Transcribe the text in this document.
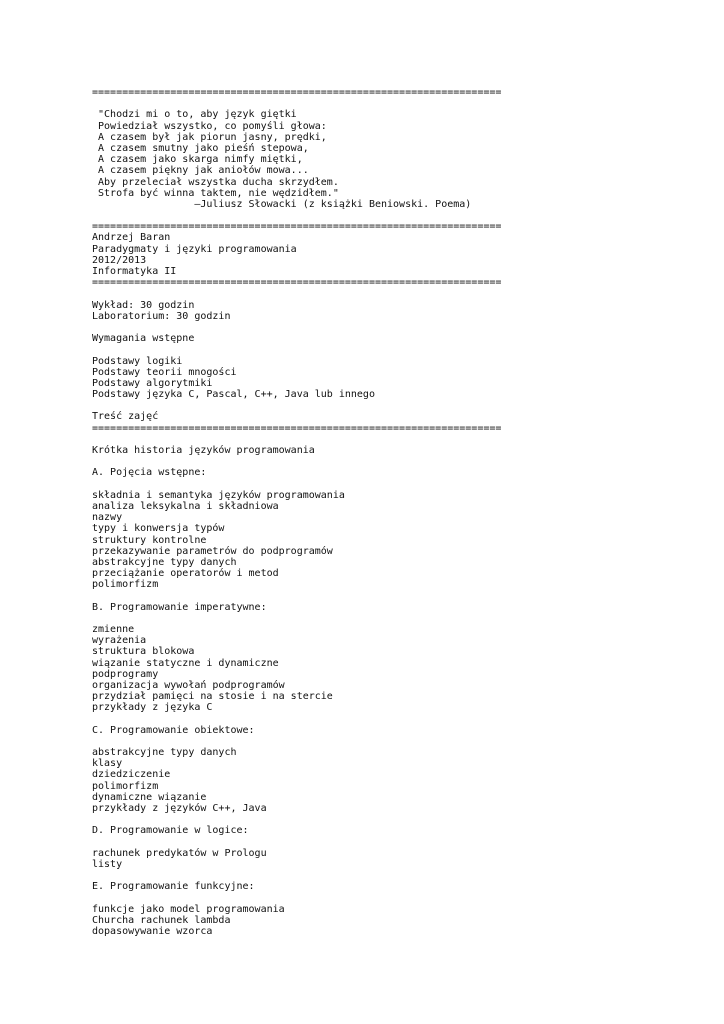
====================================================================
"Chodzi mi o to, aby język giętki
Powiedział wszystko, co pomyśli głowa:
A czasem był jak piorun jasny, prędki,
A czasem smutny jako pieśń stepowa,
A czasem jako skarga nimfy miętki,
A czasem piękny jak aniołów mowa...
Aby przeleciał wszystka ducha skrzydłem.
Strofa być winna taktem, nie wędzidłem."
—Juliusz Słowacki (z książki Beniowski. Poema)
====================================================================
Andrzej Baran
Paradygmaty i języki programowania
2012/2013
Informatyka II
====================================================================
Wykład: 30 godzin
Laboratorium: 30 godzin
Wymagania wstępne
Podstawy logiki
Podstawy teorii mnogości
Podstawy algorytmiki
Podstawy języka C, Pascal, C++, Java lub innego
Treść zajęć
====================================================================
Krótka historia języków programowania
A. Pojęcia wstępne:
składnia i semantyka języków programowania
analiza leksykalna i składniowa
nazwy
typy i konwersja typów
struktury kontrolne
przekazywanie parametrów do podprogramów
abstrakcyjne typy danych
przeciążanie operatorów i metod
polimorfizm
B. Programowanie imperatywne:
zmienne
wyrażenia
struktura blokowa
wiązanie statyczne i dynamiczne
podprogramy
organizacja wywołań podprogramów
przydział pamięci na stosie i na stercie
przykłady z języka C
C. Programowanie obiektowe:
abstrakcyjne typy danych
klasy
dziedziczenie
polimorfizm
dynamiczne wiązanie
przykłady z języków C++, Java
D. Programowanie w logice:
rachunek predykatów w Prologu
listy
E. Programowanie funkcyjne:
funkcje jako model programowania
Churcha rachunek lambda
dopasowywanie wzorca
